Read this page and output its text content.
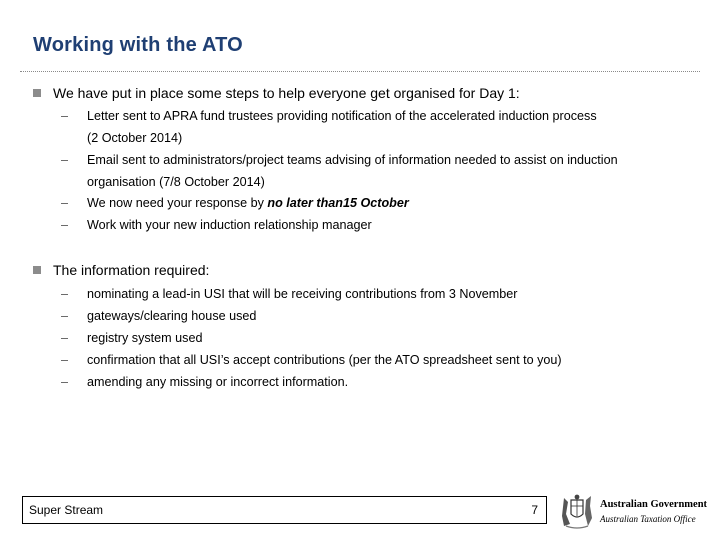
Working with the ATO
We have put in place some steps to help everyone get organised for Day 1:
– Letter sent to APRA fund trustees providing notification of the accelerated induction process
(2 October 2014)
– Email sent to administrators/project teams advising of information needed to assist on induction
organisation (7/8 October 2014)
– We now need your response by no later than15 October
– Work with your new induction relationship manager
The information required:
– nominating a lead-in USI that will be receiving contributions from 3 November
– gateways/clearing house used
– registry system used
– confirmation that all USI’s accept contributions (per the ATO spreadsheet sent to you)
– amending any missing or incorrect information.
Super Stream	7	Australian Government
Australian Taxation Office
